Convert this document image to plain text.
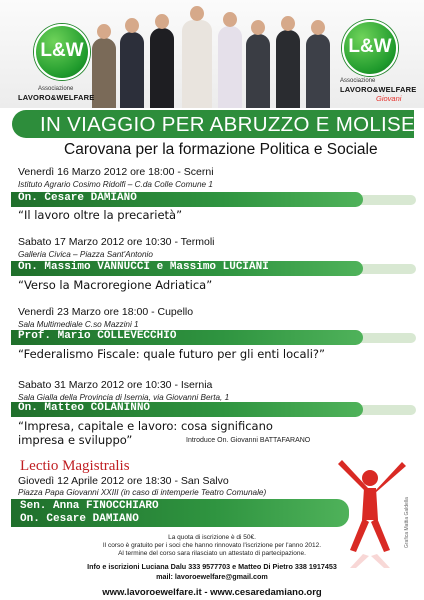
L&W
Associazione
LAVORO&WELFARE
L&W
Associazione
LAVORO&WELFARE
Giovani
IN VIAGGIO PER ABRUZZO E MOLISE
Carovana per la formazione Politica e Sociale
Venerdì 16 Marzo 2012 ore 18:00 - Scerni
Istituto Agrario Cosimo Ridolfi – C.da Colle Comune 1
On. Cesare DAMIANO
“Il lavoro oltre la precarietà”
Sabato 17 Marzo 2012 ore 10:30 - Termoli
Galleria Civica – Piazza Sant'Antonio
On. Massimo VANNUCCI e Massimo LUCIANI
“Verso la Macroregione Adriatica”
Venerdì 23 Marzo ore 18:00 - Cupello
Sala Multimediale C.so Mazzini 1
Prof. Mario COLLEVECCHIO
“Federalismo Fiscale: quale futuro per gli enti locali?”
Sabato 31 Marzo 2012 ore 10:30 - Isernia
Sala Gialla della Provincia di Isernia, via Giovanni Berta, 1
On. Matteo COLANINNO
“Impresa, capitale e lavoro: cosa significano
impresa e sviluppo”	Introduce On. Giovanni BATTAFARANO
Lectio Magistralis
Giovedì 12 Aprile 2012 ore 18:30 - San Salvo
Piazza Papa Giovanni XXIII (in caso di intemperie Teatro Comunale)
Sen. Anna FINOCCHIARO
On. Cesare DAMIANO	Grafica Mattia Galdella
La quota di iscrizione è di 50€.
Il corso è gratuito per i soci che hanno rinnovato l'iscrizione per l'anno 2012.
Al termine del corso sara rilasciato un attestato di partecipazione.
Info e iscrizioni Luciana Dalu 333 9577703 e Matteo Di Pietro 338 1917453
mail: lavoroewelfare@gmail.com
www.lavoroewelfare.it - www.cesaredamiano.org
